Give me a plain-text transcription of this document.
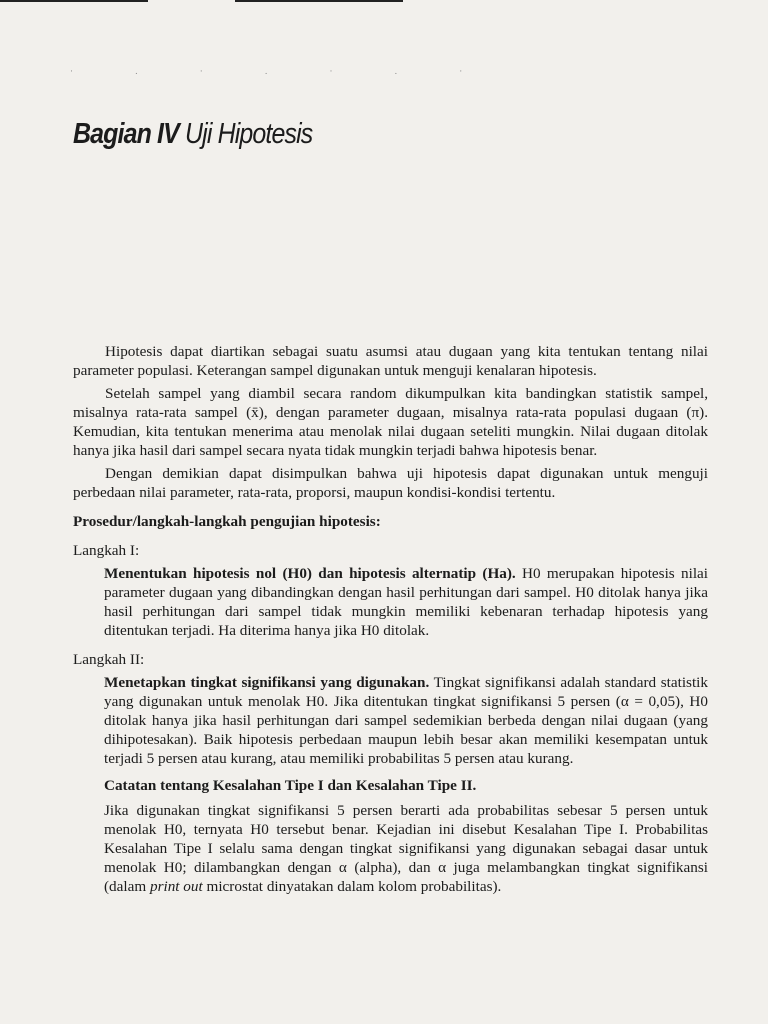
· . · . · . ·
Bagian IV Uji Hipotesis

Hipotesis dapat diartikan sebagai suatu asumsi atau dugaan yang kita tentukan tentang nilai parameter populasi. Keterangan sampel digunakan untuk menguji kenalaran hipotesis.

Setelah sampel yang diambil secara random dikumpulkan kita bandingkan statistik sampel, misalnya rata-rata sampel (x̄), dengan parameter dugaan, misalnya rata-rata populasi dugaan (π). Kemudian, kita tentukan menerima atau menolak nilai dugaan seteliti mungkin. Nilai dugaan ditolak hanya jika hasil dari sampel secara nyata tidak mungkin terjadi bahwa hipotesis benar.

Dengan demikian dapat disimpulkan bahwa uji hipotesis dapat digunakan untuk menguji perbedaan nilai parameter, rata-rata, proporsi, maupun kondisi-kondisi tertentu.

Prosedur/langkah-langkah pengujian hipotesis:

Langkah I:

Menentukan hipotesis nol (H0) dan hipotesis alternatip (Ha). H0 merupakan hipotesis nilai parameter dugaan yang dibandingkan dengan hasil perhitungan dari sampel. H0 ditolak hanya jika hasil perhitungan dari sampel tidak mungkin memiliki kebenaran terhadap hipotesis yang ditentukan terjadi. Ha diterima hanya jika H0 ditolak.

Langkah II:

Menetapkan tingkat signifikansi yang digunakan. Tingkat signifikansi adalah standard statistik yang digunakan untuk menolak H0. Jika ditentukan tingkat signifikansi 5 persen (α = 0,05), H0 ditolak hanya jika hasil perhitungan dari sampel sedemikian berbeda dengan nilai dugaan (yang dihipotesakan). Baik hipotesis perbedaan maupun lebih besar akan memiliki kesempatan untuk terjadi 5 persen atau kurang, atau memiliki probabilitas 5 persen atau kurang.

Catatan tentang Kesalahan Tipe I dan Kesalahan Tipe II.

Jika digunakan tingkat signifikansi 5 persen berarti ada probabilitas sebesar 5 persen untuk menolak H0, ternyata H0 tersebut benar. Kejadian ini disebut Kesalahan Tipe I. Probabilitas Kesalahan Tipe I selalu sama dengan tingkat signifikansi yang digunakan sebagai dasar untuk menolak H0; dilambangkan dengan α (alpha), dan α juga melambangkan tingkat signifikansi (dalam print out microstat dinyatakan dalam kolom probabilitas).
